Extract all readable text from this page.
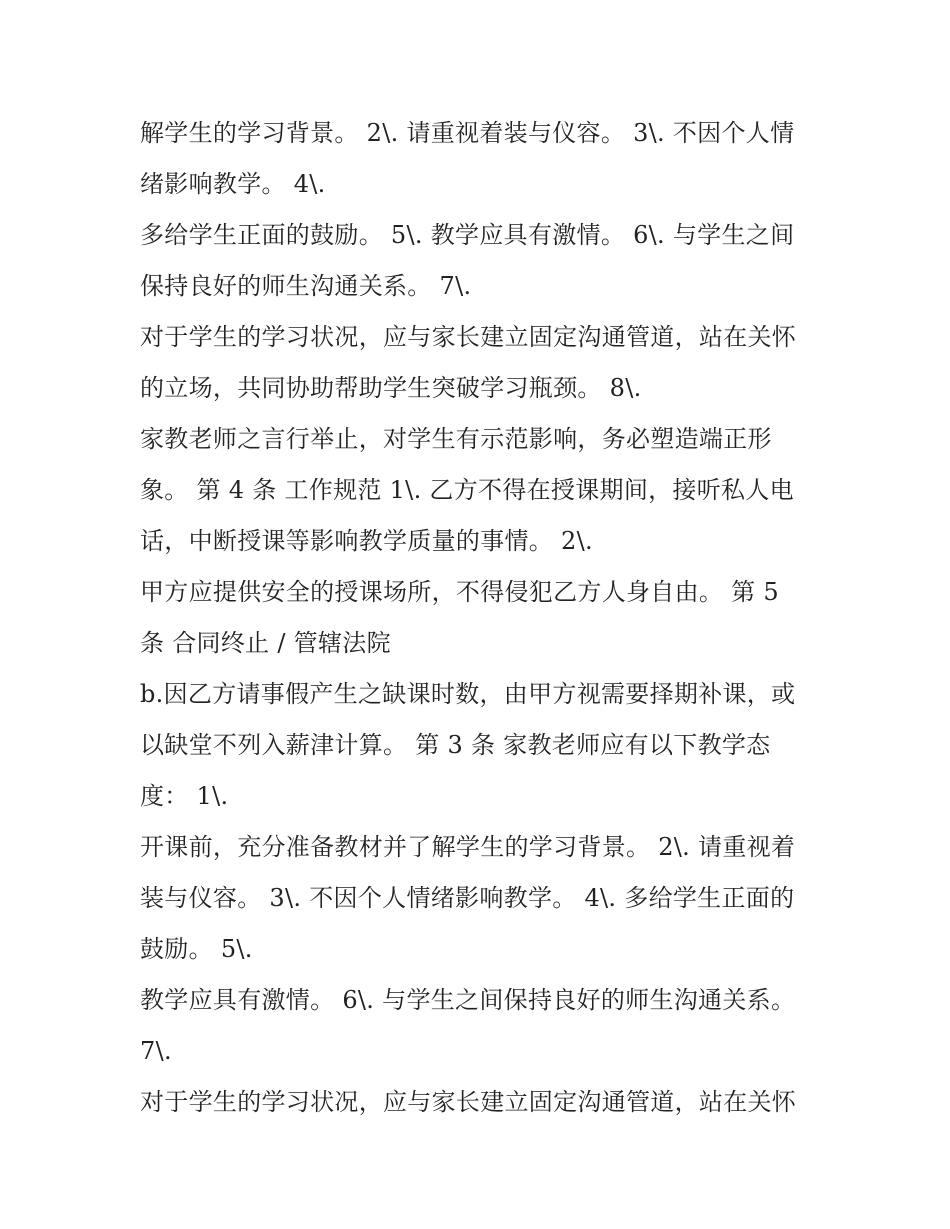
解学生的学习背景。 2\. 请重视着装与仪容。 3\. 不因个人情
绪影响教学。 4\.
多给学生正面的鼓励。 5\. 教学应具有激情。 6\. 与学生之间
保持良好的师生沟通关系。 7\.
对于学生的学习状况，应与家长建立固定沟通管道，站在关怀
的立场，共同协助帮助学生突破学习瓶颈。 8\.
家教老师之言行举止，对学生有示范影响，务必塑造端正形
象。 第 4 条 工作规范 1\. 乙方不得在授课期间，接听私人电
话，中断授课等影响教学质量的事情。 2\.
甲方应提供安全的授课场所，不得侵犯乙方人身自由。 第 5
条 合同终止 / 管辖法院
b.因乙方请事假产生之缺课时数，由甲方视需要择期补课，或
以缺堂不列入薪津计算。 第 3 条 家教老师应有以下教学态
度： 1\.
开课前，充分准备教材并了解学生的学习背景。 2\. 请重视着
装与仪容。 3\. 不因个人情绪影响教学。 4\. 多给学生正面的
鼓励。 5\.
教学应具有激情。 6\. 与学生之间保持良好的师生沟通关系。
7\.
对于学生的学习状况，应与家长建立固定沟通管道，站在关怀
